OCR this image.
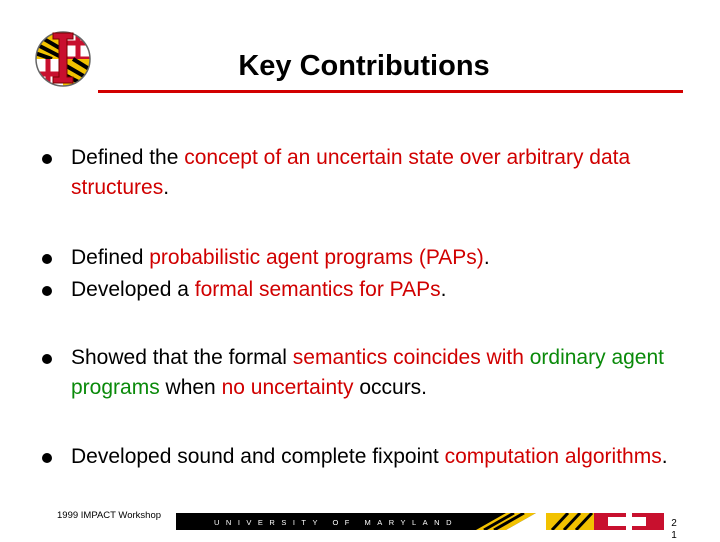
Key Contributions
Defined the concept of an uncertain state over arbitrary data structures.
Defined probabilistic agent programs (PAPs).
Developed a formal semantics for PAPs.
Showed that the formal semantics coincides with ordinary agent programs when no uncertainty occurs.
Developed sound and complete fixpoint computation algorithms.
1999 IMPACT Workshop
UNIVERSITY OF MARYLAND	2
1
